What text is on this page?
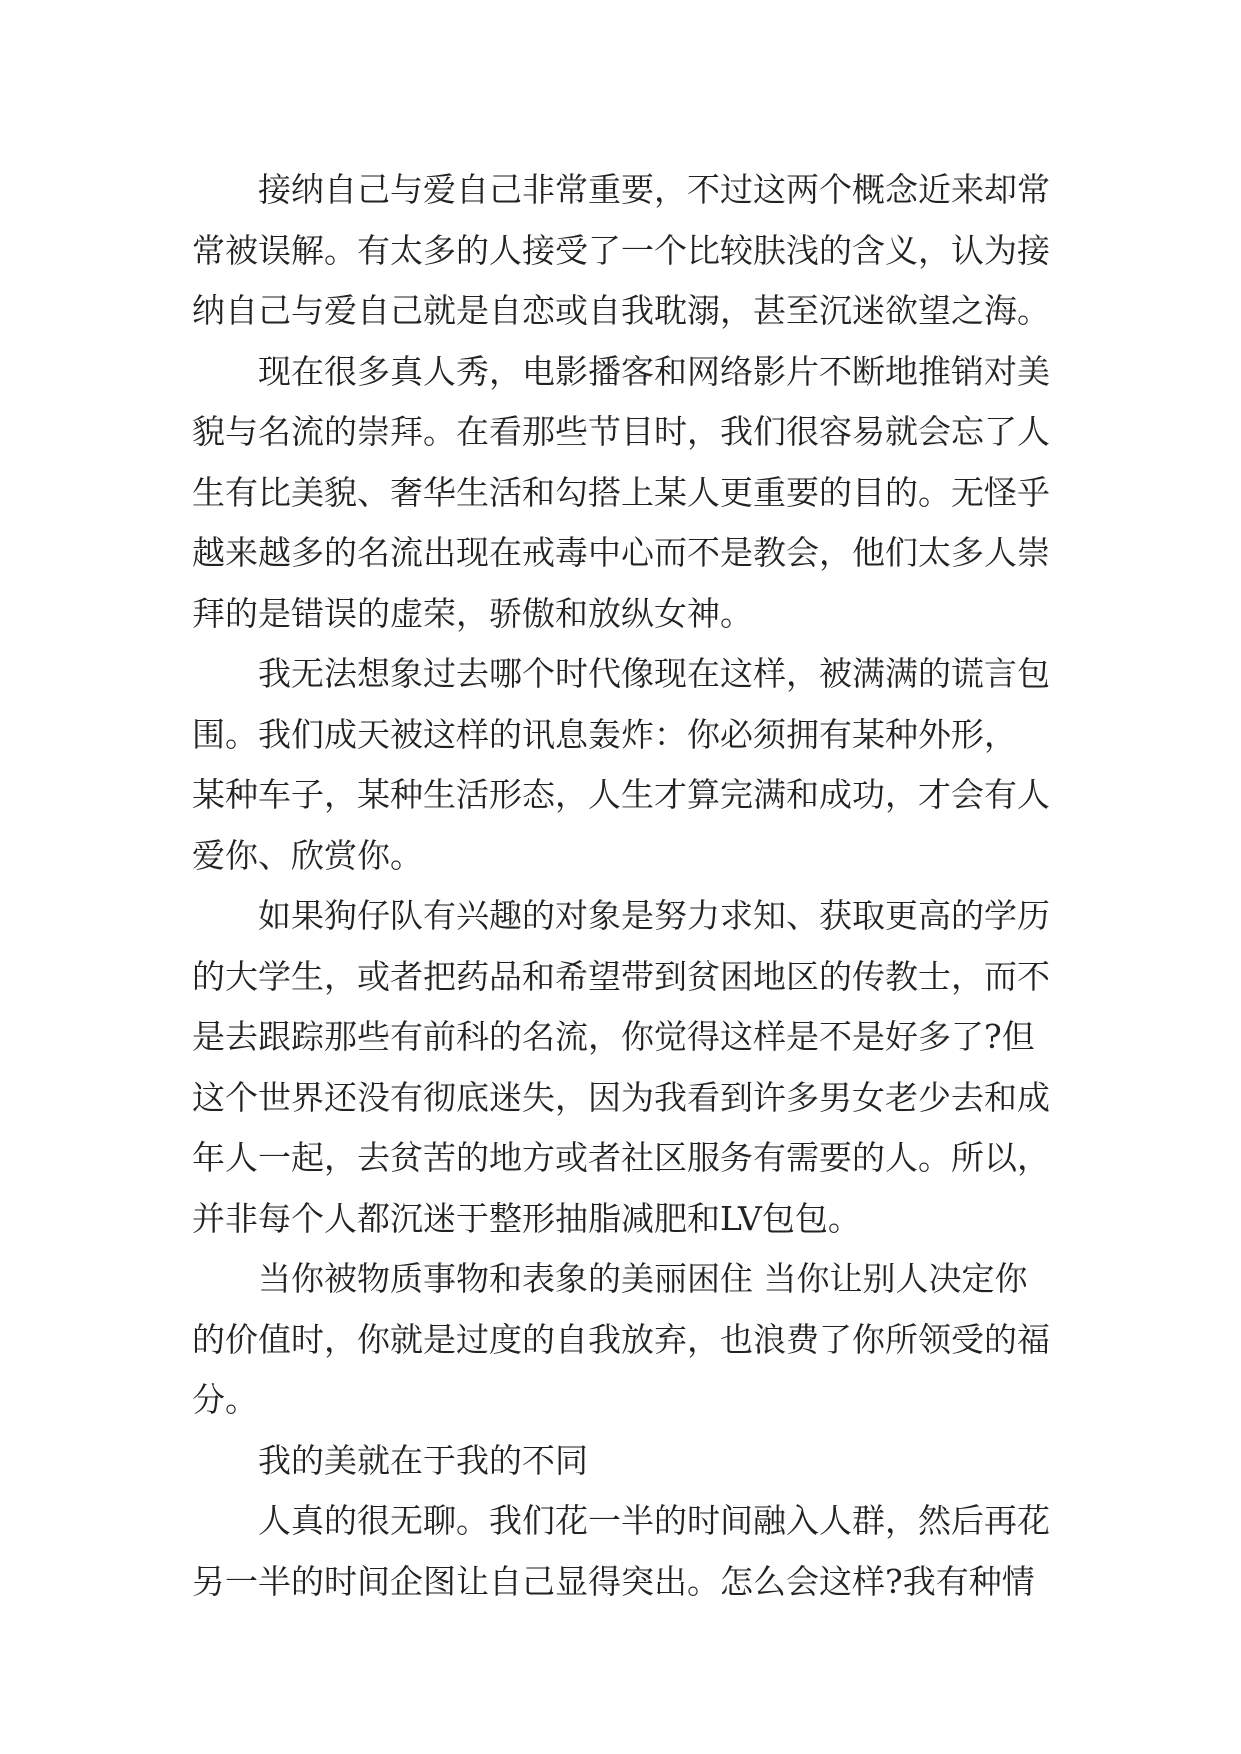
接纳自己与爱自己非常重要，不过这两个概念近来却常
常被误解。有太多的人接受了一个比较肤浅的含义，认为接
纳自己与爱自己就是自恋或自我耽溺，甚至沉迷欲望之海。
现在很多真人秀，电影播客和网络影片不断地推销对美
貌与名流的崇拜。在看那些节目时，我们很容易就会忘了人
生有比美貌、奢华生活和勾搭上某人更重要的目的。无怪乎
越来越多的名流出现在戒毒中心而不是教会，他们太多人崇
拜的是错误的虚荣，骄傲和放纵女神。
我无法想象过去哪个时代像现在这样，被满满的谎言包
围。我们成天被这样的讯息轰炸：你必须拥有某种外形，
某种车子，某种生活形态，人生才算完满和成功，才会有人
爱你、欣赏你。
如果狗仔队有兴趣的对象是努力求知、获取更高的学历
的大学生，或者把药品和希望带到贫困地区的传教士，而不
是去跟踪那些有前科的名流，你觉得这样是不是好多了?但
这个世界还没有彻底迷失，因为我看到许多男女老少去和成
年人一起，去贫苦的地方或者社区服务有需要的人。所以，
并非每个人都沉迷于整形抽脂减肥和LV包包。
当你被物质事物和表象的美丽困住 当你让别人决定你
的价值时，你就是过度的自我放弃，也浪费了你所领受的福
分。
我的美就在于我的不同
人真的很无聊。我们花一半的时间融入人群，然后再花
另一半的时间企图让自己显得突出。怎么会这样?我有种情
